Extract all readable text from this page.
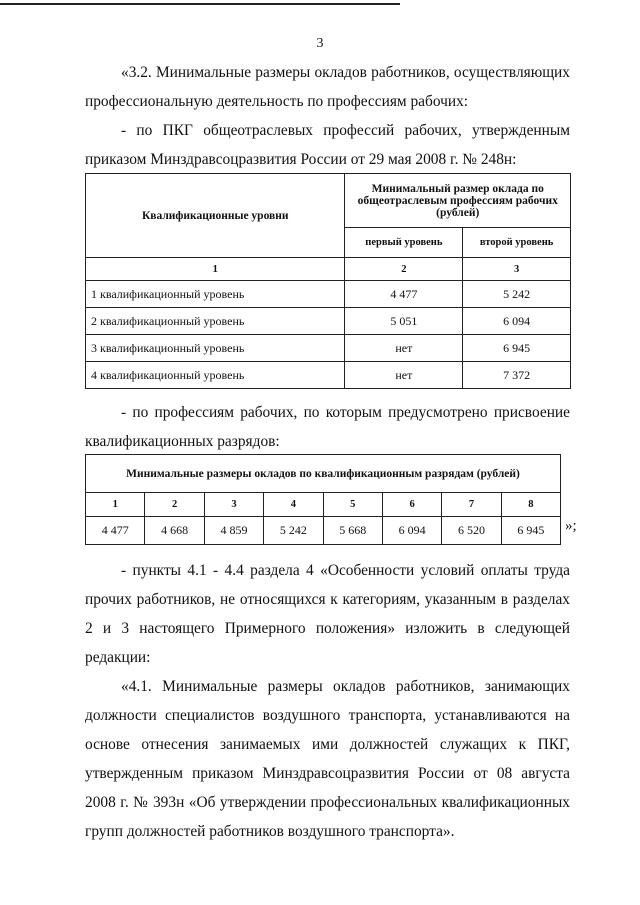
3

«3.2. Минимальные размеры окладов работников, осуществляющих профессиональную деятельность по профессиям рабочих:

- по ПКГ общеотраслевых профессий рабочих, утвержденным приказом Минздравсоцразвития России от 29 мая 2008 г. № 248н:

Квалификационные уровни	Минимальный размер оклада по общеотраслевым профессиям рабочих (рублей)	
	первый уровень	второй уровень
1	2	3
1 квалификационный уровень	4 477	5 242
2 квалификационный уровень	5 051	6 094
3 квалификационный уровень	нет	6 945
4 квалификационный уровень	нет	7 372

- по профессиям рабочих, по которым предусмотрено присвоение квалификационных разрядов:

Минимальные размеры окладов по квалификационным разрядам (рублей)							
1	2	3	4	5	6	7	8
4 477	4 668	4 859	5 242	5 668	6 094	6 520	6 945 »;

- пункты 4.1 - 4.4 раздела 4 «Особенности условий оплаты труда прочих работников, не относящихся к категориям, указанным в разделах 2 и 3 настоящего Примерного положения» изложить в следующей редакции:

«4.1. Минимальные размеры окладов работников, занимающих должности специалистов воздушного транспорта, устанавливаются на основе отнесения занимаемых ими должностей служащих к ПКГ, утвержденным приказом Минздравсоцразвития России от 08 августа 2008 г. № 393н «Об утверждении профессиональных квалификационных групп должностей работников воздушного транспорта».
